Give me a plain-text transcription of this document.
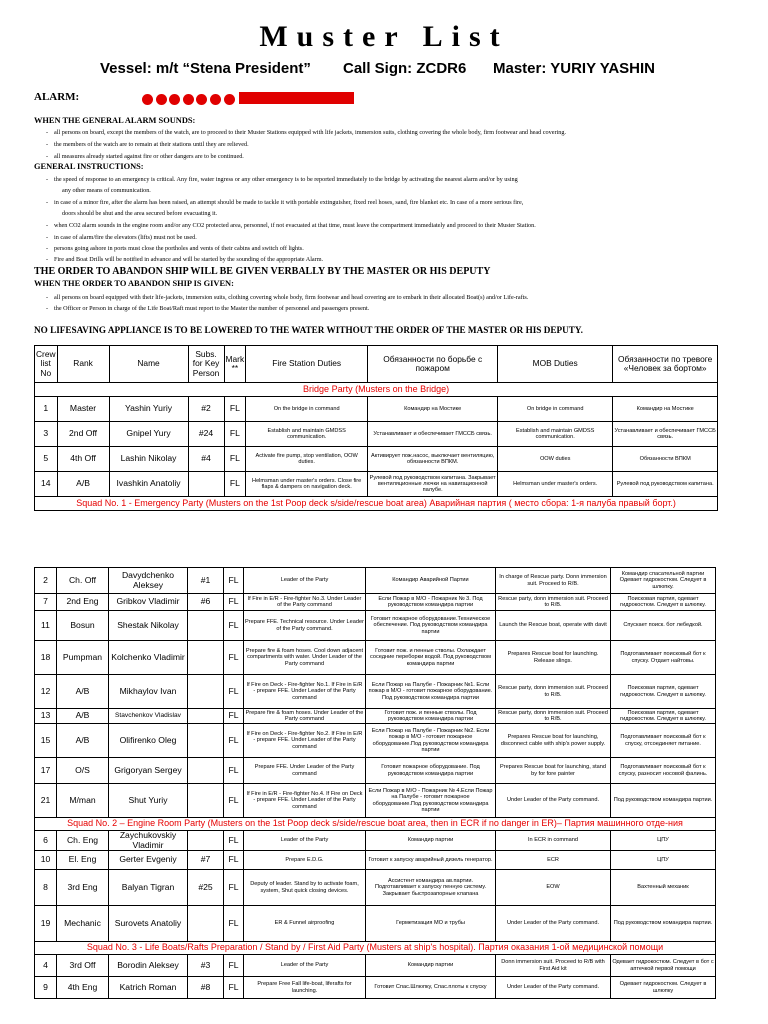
Muster List
Vessel: m/t “Stena President” Call Sign: ZCDR6 Master: YURIY YASHIN
ALARM:
WHEN THE GENERAL ALARM SOUNDS:
- all persons on board, except the members of the watch, are to proceed to their Muster Stations equipped with life jackets, immersion suits, clothing covering the whole body, firm footwear and head covering.
- the members of the watch are to remain at their stations until they are relieved.
- all measures already started against fire or other dangers are to be continued.
GENERAL INSTRUCTIONS:
- the speed of response to an emergency is critical. Any fire, water ingress or any other emergency is to be reported immediately to the bridge by activating the nearest alarm and/or by using
any other means of communication.
- in case of a minor fire, after the alarm has been raised, an attempt should be made to tackle it with portable extinguisher, fixed reel hoses, sand, fire blanket etc. In case of a more serious fire,
doors should be shut and the area secured before evacuating it.
- when CO2 alarm sounds in the engine room and/or any CO2 protected area, personnel, if not evacuated at that time, must leave the compartment immediately and proceed to their Muster Station.
- in case of alarm/fire the elevators (lifts) must not be used.
- persons going ashore in ports must close the portholes and vents of their cabins and switch off lights.
- Fire and Boat Drills will be notified in advance and will be started by the sounding of the appropriate Alarm.
THE ORDER TO ABANDON SHIP WILL BE GIVEN VERBALLY BY THE MASTER OR HIS DEPUTY
WHEN THE ORDER TO ABANDON SHIP IS GIVEN:
- all persons on board equipped with their life-jackets, immersion suits, clothing covering whole body, firm footwear and head covering are to embark in their allocated Boat(s) and/or Life-rafts.
- the Officer or Person in charge of the Life Boat/Raft must report to the Master the number of personnel and passengers present.
NO LIFESAVING APPLIANCE IS TO BE LOWERED TO THE WATER WITHOUT THE ORDER OF THE MASTER OR HIS DEPUTY.
Crew list No	Rank	Name	Subs. for Key Person	Mark **	Fire Station Duties	Обязанности по борьбе с пожаром	MOB Duties	Обязанности по тревоге «Человек за бортом»
Bridge Party (Musters on the Bridge)								
1	Master	Yashin Yuriy	#2	FL	On the bridge in command	Командир на Мостике	On bridge in command	Командир на Мостике
3	2nd Off	Gnipel Yury	#24	FL	Establish and maintain GMDSS communication.	Устанавливает и обеспечивает ГМССБ связь.	Establish and maintain GMDSS communication.	Устанавливает и обеспечивает ГМССБ связь.
5	4th Off	Lashin Nikolay	#4	FL	Activate fire pump, stop ventilation, OOW duties.	Активирует пож.насос, выключает вентиляцию, обязанности ВПКМ.	OOW duties	Обязанности ВПКМ
14	A/B	Ivashkin Anatoliy		FL	Helmsman under master's orders. Close fire flaps & dampers on navigation deck.	Рулевой под руководством капитана. Закрывает вентиляционные лючки на навигационной палубе.	Helmsman under master's orders.	Рулевой под руководством капитана.
Squad No. 1 - Emergency Party (Musters on the 1st Poop deck s/side/rescue boat area) Аварийная партия ( место сбора: 1-я палуба правый борт.)								
2	Ch. Off	Davydchenko Aleksey	#1	FL	Leader of the Party	Командир Аварийной Партии	In charge of Rescue party. Donn immersion suit. Proceed to R/B.	Командир спасательной партии Одевает гидрокостюм. Следует в шлюпку.
7	2nd Eng	Gribkov Vladimir	#6	FL	If Fire in E/R - Fire-fighter No.3. Under Leader of the Party command	Если Пожар в М/О - Пожарник № 3. Под руководством командира партии	Rescue party, donn immersion suit. Proceed to R/B.	Поисковая партия, одевает гидрокостюм. Следует в шлюпку.
11	Bosun	Shestak Nikolay		FL	Prepare FFE. Technical resource. Under Leader of the Party command.	Готовит пожарное оборудование.Техническое обеспечение. Под руководством командира партии	Launch the Rescue boat, operate with davit	Спускает поиск. бот лебедкой.
18	Pumpman	Kolchenko Vladimir		FL	Prepare fire & foam hoses. Cool down adjacent compartments with water. Under Leader of the Party command	Готовит пож. и пенные стволы. Охлаждает соседние переборки водой. Под руководством командира партии	Prepares Rescue boat for launching. Release slings.	Подготавливает поисковый бот к спуску. Отдает найтовы.
12	A/B	Mikhaylov Ivan		FL	If Fire on Deck - Fire-fighter No.1. If Fire in E/R - prepare FFE. Under Leader of the Party command	Если Пожар на Палубе - Пожарник №1. Если пожар в М/О - готовит пожарное оборудование. Под руководством командира партии	Rescue party, donn immersion suit. Proceed to R/B.	Поисковая партия, одевает гидрокостюм. Следует в шлюпку.
13	A/B	Stavchenkov Vladislav		FL	Prepare fire & foam hoses. Under Leader of the Party command	Готовит пож. и пенные стволы. Под руководством командира партии	Rescue party, donn immersion suit. Proceed to R/B.	Поисковая партия, одевает гидрокостюм. Следует в шлюпку.
15	A/B	Olifirenko Oleg		FL	If Fire on Deck - Fire-fighter No.2. If Fire in E/R - prepare FFE. Under Leader of the Party command	Если Пожар на Палубе - Пожарник №2. Если пожар в М/О - готовит пожарное оборудование.Под руководством командира партии	Prepares Rescue boat for launching, disconnect cable with ship's power supply.	Подготавливает поисковый бот к спуску, отсоединяет питание.
17	O/S	Grigoryan Sergey		FL	Prepare FFE. Under Leader of the Party command	Готовит пожарное оборудование. Под руководством командира партии	Prepares Rescue boat for launching, stand by for fore painter	Подготавливает поисковый бот к спуску, разносит носовой фалинь.
21	M/man	Shut Yuriy		FL	If Fire in E/R - Fire-fighter No.4. If Fire on Deck - prepare FFE. Under Leader of the Party command	Если Пожар в М/О - Пожарник № 4.Если Пожар на Палубе - готовит пожарное оборудование.Под руководством командира партии	Under Leader of the Party command.	Под руководством командира партии.
Squad No. 2 – Engine Room Party (Musters on the 1st Poop deck s/side/rescue boat area, then in ECR if no danger in ER)– Партия машинного отде-ния								
6	Ch. Eng	Zaychukovskiy Vladimir		FL	Leader of the Party	Командир партии	In ECR in command	ЦПУ
10	El. Eng	Gerter Evgeniy	#7	FL	Prepare E.D.G.	Готовит к запуску аварийный дизель генератор.	ECR	ЦПУ
8	3rd Eng	Balyan Tigran	#25	FL	Deputy of leader. Stand by to activate foam, system, Shut quick closing devices.	Ассистент командира ав.партии. Подготавливает к запуску пенную систему. Закрывает быстрозапорные клапана	EOW	Вахтенный механик
19	Mechanic	Surovets Anatoliy		FL	ER & Funnel airproofing	Герметизация МО и трубы	Under Leader of the Party command.	Под руководством командира партии.
Squad No. 3 - Life Boats/Rafts Preparation / Stand by / First Aid Party (Musters at ship's hospital). Партия оказания 1-ой медицинской помощи								
4	3rd Off	Borodin Aleksey	#3	FL	Leader of the Party	Командир партии	Donn immersion suit. Proceed to R/B with First Aid kit	Одевает гидрокостюм. Следует в бот с аптечкой первой помощи
9	4th Eng	Katrich Roman	#8	FL	Prepare Free Fall life-boat, liferafts for launching.	Готовит Спас.Шлюпку, Спас.плоты к спуску	Under Leader of the Party command.	Одевает гидрокостюм. Следует в шлюпку
